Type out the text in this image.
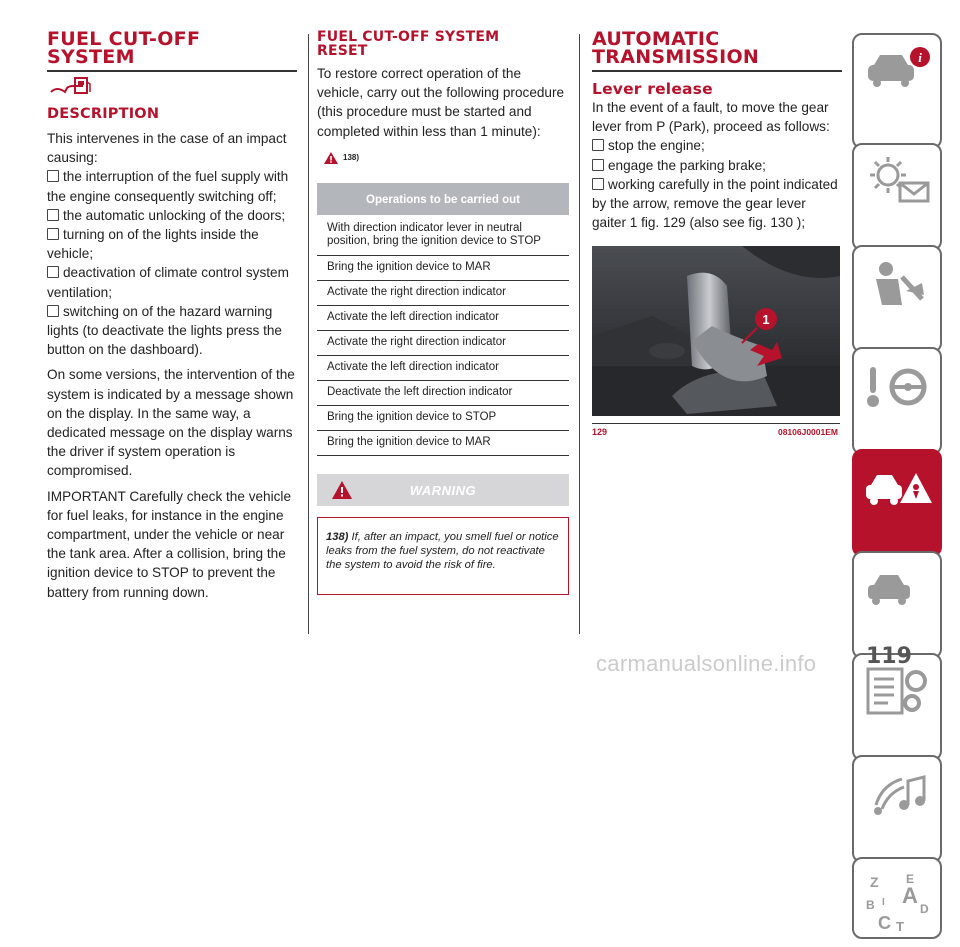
FUEL CUT-OFF
SYSTEM
DESCRIPTION

This intervenes in the case of an impact causing:

the interruption of the fuel supply with the engine consequently switching off;

the automatic unlocking of the doors;

turning on of the lights inside the vehicle;

deactivation of climate control system ventilation;

switching on of the hazard warning lights (to deactivate the lights press the button on the dashboard).

On some versions, the intervention of the system is indicated by a message shown on the display. In the same way, a dedicated message on the display warns the driver if system operation is compromised.

IMPORTANT Carefully check the vehicle for fuel leaks, for instance in the engine compartment, under the vehicle or near the tank area. After a collision, bring the ignition device to STOP to prevent the battery from running down.

FUEL CUT-OFF SYSTEM
RESET

To restore correct operation of the vehicle, carry out the following procedure (this procedure must be started and completed within less than 1 minute):

138)
Operations to be carried out
With direction indicator lever in neutral position, bring the ignition device to STOP
Bring the ignition device to MAR
Activate the right direction indicator
Activate the left direction indicator
Activate the right direction indicator
Activate the left direction indicator
Deactivate the left direction indicator
Bring the ignition device to STOP
Bring the ignition device to MAR
WARNING
138) If, after an impact, you smell fuel or notice leaks from the fuel system, do not reactivate the system to avoid the risk of fire.
AUTOMATIC
TRANSMISSION
Lever release

In the event of a fault, to move the gear lever from P (Park), proceed as follows:

stop the engine;

engage the parking brake;

working carefully in the point indicated by the arrow, remove the gear lever gaiter 1 fig. 129 (also see fig. 130 );

1
129	08106J0001EM
i
Z E
A
B	D
C T
I
119
carmanualsonline.info
